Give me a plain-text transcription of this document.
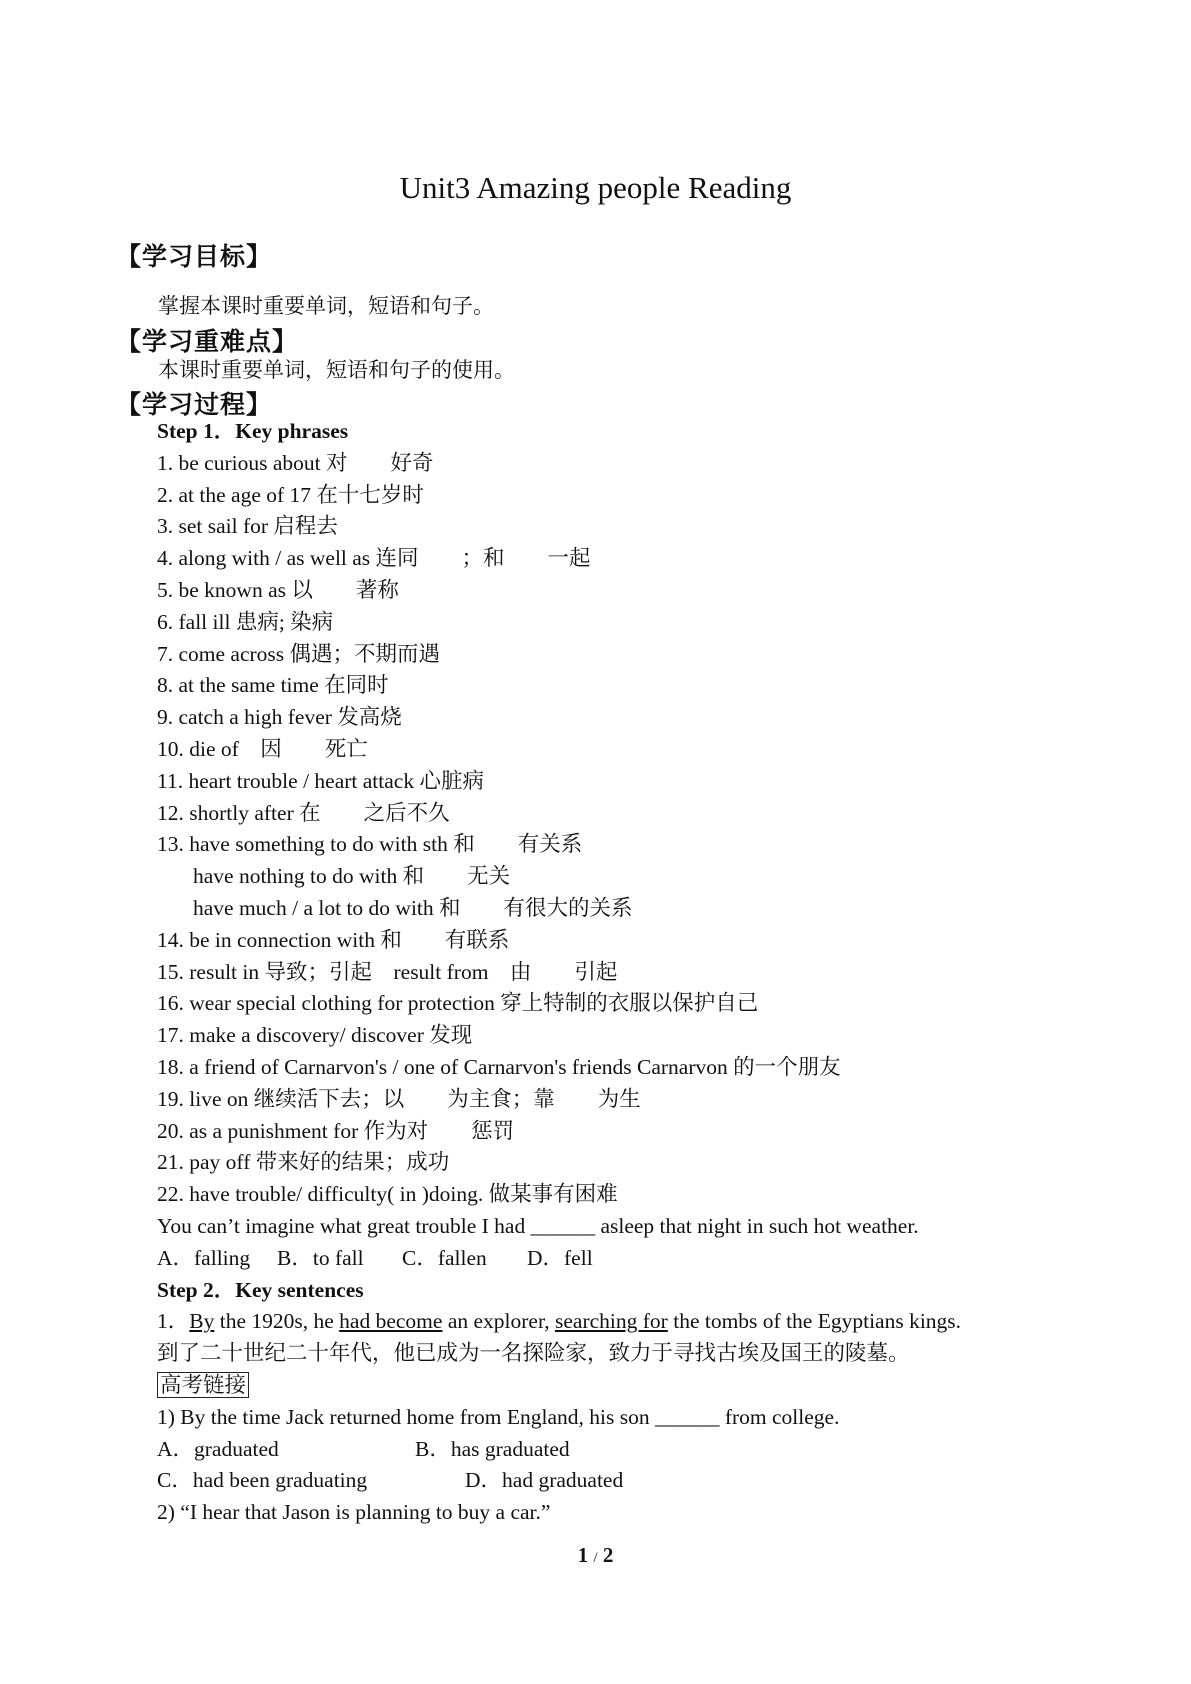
Unit3 Amazing people Reading
【学习目标】
掌握本课时重要单词，短语和句子。
【学习重难点】
本课时重要单词，短语和句子的使用。
【学习过程】
Step 1．Key phrases
1. be curious about 对　　好奇
2. at the age of 17 在十七岁时
3. set sail for 启程去
4. along with / as well as 连同　　；和　　一起
5. be known as 以　　著称
6. fall ill 患病; 染病
7. come across 偶遇；不期而遇
8. at the same time 在同时
9. catch a high fever 发高烧
10. die of　因　　死亡
11. heart trouble / heart attack 心脏病
12. shortly after 在　　之后不久
13. have something to do with sth 和　　有关系
have nothing to do with 和　　无关
have much / a lot to do with 和　　有很大的关系
14. be in connection with 和　　有联系
15. result in 导致；引起　result from　由　　引起
16. wear special clothing for protection 穿上特制的衣服以保护自己
17. make a discovery/ discover 发现
18. a friend of Carnarvon's / one of Carnarvon's friends Carnarvon 的一个朋友
19. live on 继续活下去；以　　为主食；靠　　为生
20. as a punishment for 作为对　　惩罚
21. pay off 带来好的结果；成功
22. have trouble/ difficulty( in )doing. 做某事有困难
You can’t imagine what great trouble I had ______ asleep that night in such hot weather.
A．falling B．to fall C．fallen D．fell
Step 2．Key sentences
1．By the 1920s, he had become an explorer, searching for the tombs of the Egyptians kings.
到了二十世纪二十年代，他已成为一名探险家，致力于寻找古埃及国王的陵墓。
高考链接
1) By the time Jack returned home from England, his son ______ from college.
A．graduated	B．has graduated
C．had been graduating	D．had graduated
2) “I hear that Jason is planning to buy a car.”
1 / 2
